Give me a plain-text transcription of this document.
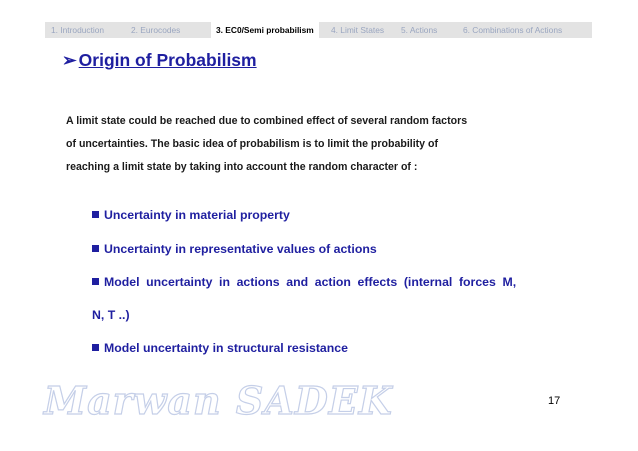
1. Introduction	2. Eurocodes	3. EC0/Semi probabilism	4. Limit States 5. Actions	6. Combinations of Actions
➢ Origin of Probabilism
A limit state could be reached due to combined effect of several random factors
of uncertainties. The basic idea of probabilism is to limit the probability of
reaching a limit state by taking into account the random character of :
Uncertainty in material property
Uncertainty in representative values of actions
Model uncertainty in actions and action effects (internal forces M,
N, T ..)
Model uncertainty in structural resistance
Marwan SADEK	17
